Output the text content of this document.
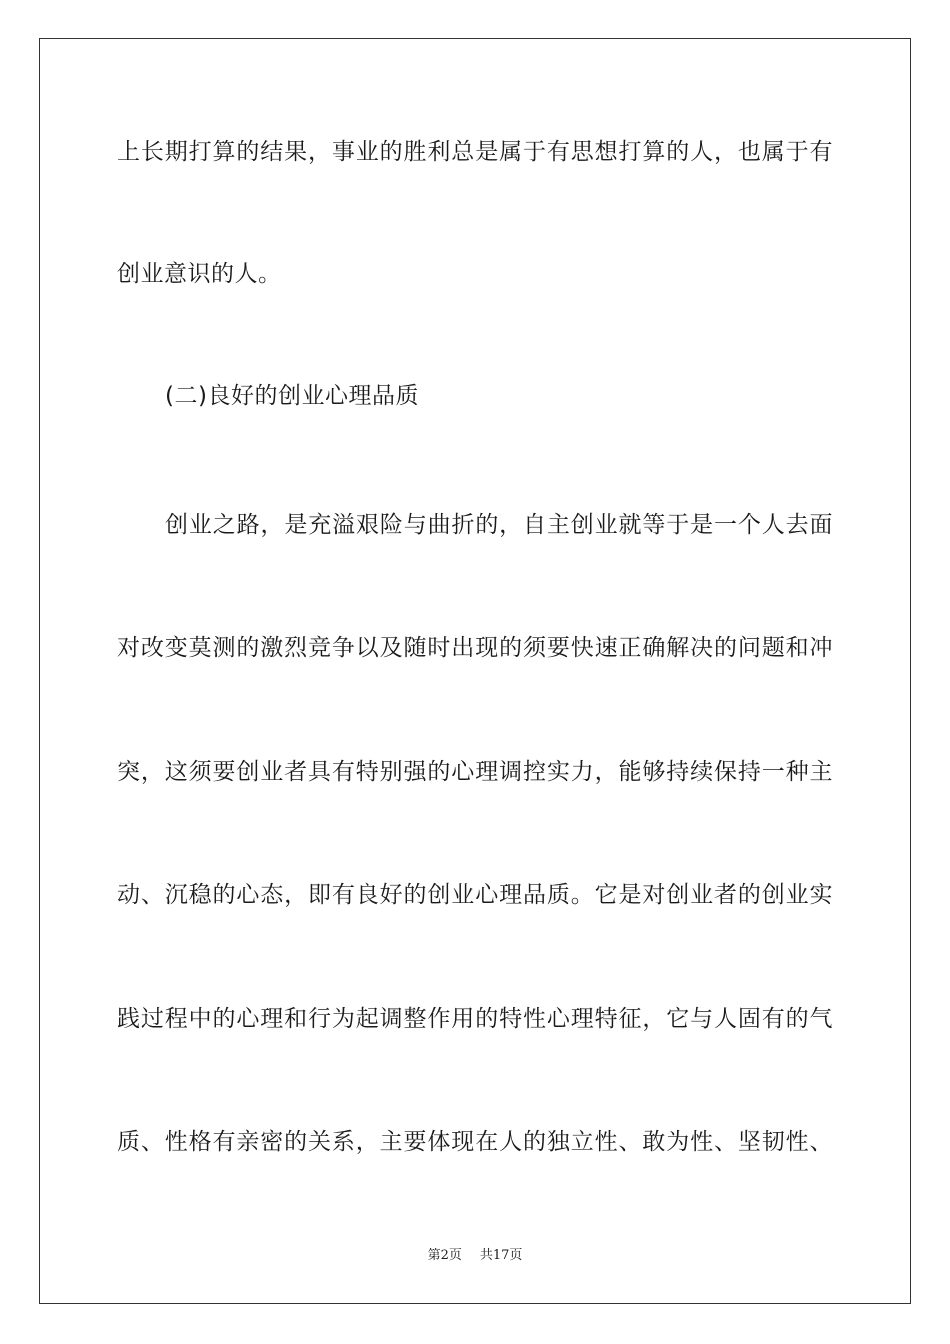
上长期打算的结果，事业的胜利总是属于有思想打算的人，也属于有
创业意识的人。
(二)良好的创业心理品质
创业之路，是充溢艰险与曲折的，自主创业就等于是一个人去面
对改变莫测的激烈竞争以及随时出现的须要快速正确解决的问题和冲
突，这须要创业者具有特别强的心理调控实力，能够持续保持一种主
动、沉稳的心态，即有良好的创业心理品质。它是对创业者的创业实
践过程中的心理和行为起调整作用的特性心理特征，它与人固有的气
质、性格有亲密的关系，主要体现在人的独立性、敢为性、坚韧性、
第2页 共17页
